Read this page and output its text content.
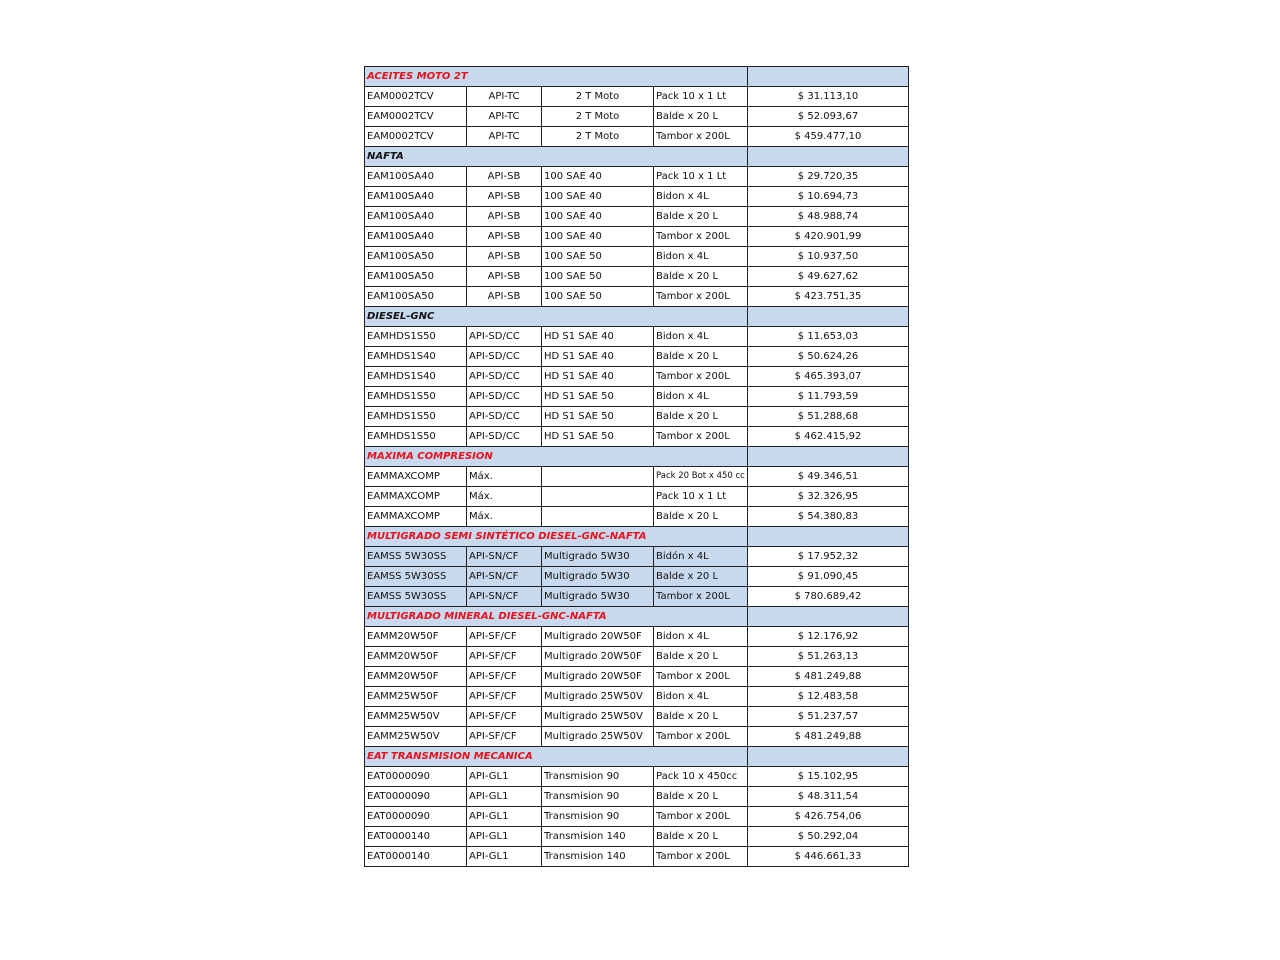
ACEITES MOTO 2T				
EAM0002TCV	API-TC	2 T Moto	Pack 10 x 1 Lt	$ 31.113,10
EAM0002TCV	API-TC	2 T Moto	Balde x 20 L	$ 52.093,67
EAM0002TCV	API-TC	2 T Moto	Tambor x 200L	$ 459.477,10
NAFTA				
EAM100SA40	API-SB	100 SAE 40	Pack 10 x 1 Lt	$ 29.720,35
EAM100SA40	API-SB	100 SAE 40	Bidon x 4L	$ 10.694,73
EAM100SA40	API-SB	100 SAE 40	Balde x 20 L	$ 48.988,74
EAM100SA40	API-SB	100 SAE 40	Tambor x 200L	$ 420.901,99
EAM100SA50	API-SB	100 SAE 50	Bidon x 4L	$ 10.937,50
EAM100SA50	API-SB	100 SAE 50	Balde x 20 L	$ 49.627,62
EAM100SA50	API-SB	100 SAE 50	Tambor x 200L	$ 423.751,35
DIESEL-GNC				
EAMHDS1S50	API-SD/CC	HD S1 SAE 40	Bidon x 4L	$ 11.653,03
EAMHDS1S40	API-SD/CC	HD S1 SAE 40	Balde x 20 L	$ 50.624,26
EAMHDS1S40	API-SD/CC	HD S1 SAE 40	Tambor x 200L	$ 465.393,07
EAMHDS1S50	API-SD/CC	HD S1 SAE 50	Bidon x 4L	$ 11.793,59
EAMHDS1S50	API-SD/CC	HD S1 SAE 50	Balde x 20 L	$ 51.288,68
EAMHDS1S50	API-SD/CC	HD S1 SAE 50	Tambor x 200L	$ 462.415,92
MAXIMA COMPRESION				
EAMMAXCOMP	Máx.		Pack 20 Bot x 450 cc	$ 49.346,51
EAMMAXCOMP	Máx.		Pack 10 x 1 Lt	$ 32.326,95
EAMMAXCOMP	Máx.		Balde x 20 L	$ 54.380,83
MULTIGRADO SEMI SINTÉTICO DIESEL-GNC-NAFTA				
EAMSS 5W30SS	API-SN/CF	Multigrado 5W30	Bidón x 4L	$ 17.952,32
EAMSS 5W30SS	API-SN/CF	Multigrado 5W30	Balde x 20 L	$ 91.090,45
EAMSS 5W30SS	API-SN/CF	Multigrado 5W30	Tambor x 200L	$ 780.689,42
MULTIGRADO MINERAL DIESEL-GNC-NAFTA				
EAMM20W50F	API-SF/CF	Multigrado 20W50F	Bidon x 4L	$ 12.176,92
EAMM20W50F	API-SF/CF	Multigrado 20W50F	Balde x 20 L	$ 51.263,13
EAMM20W50F	API-SF/CF	Multigrado 20W50F	Tambor x 200L	$ 481.249,88
EAMM25W50F	API-SF/CF	Multigrado 25W50V	Bidon x 4L	$ 12.483,58
EAMM25W50V	API-SF/CF	Multigrado 25W50V	Balde x 20 L	$ 51.237,57
EAMM25W50V	API-SF/CF	Multigrado 25W50V	Tambor x 200L	$ 481.249,88
EAT TRANSMISION MECANICA				
EAT0000090	API-GL1	Transmision 90	Pack 10 x 450cc	$ 15.102,95
EAT0000090	API-GL1	Transmision 90	Balde x 20 L	$ 48.311,54
EAT0000090	API-GL1	Transmision 90	Tambor x 200L	$ 426.754,06
EAT0000140	API-GL1	Transmision 140	Balde x 20 L	$ 50.292,04
EAT0000140	API-GL1	Transmision 140	Tambor x 200L	$ 446.661,33
